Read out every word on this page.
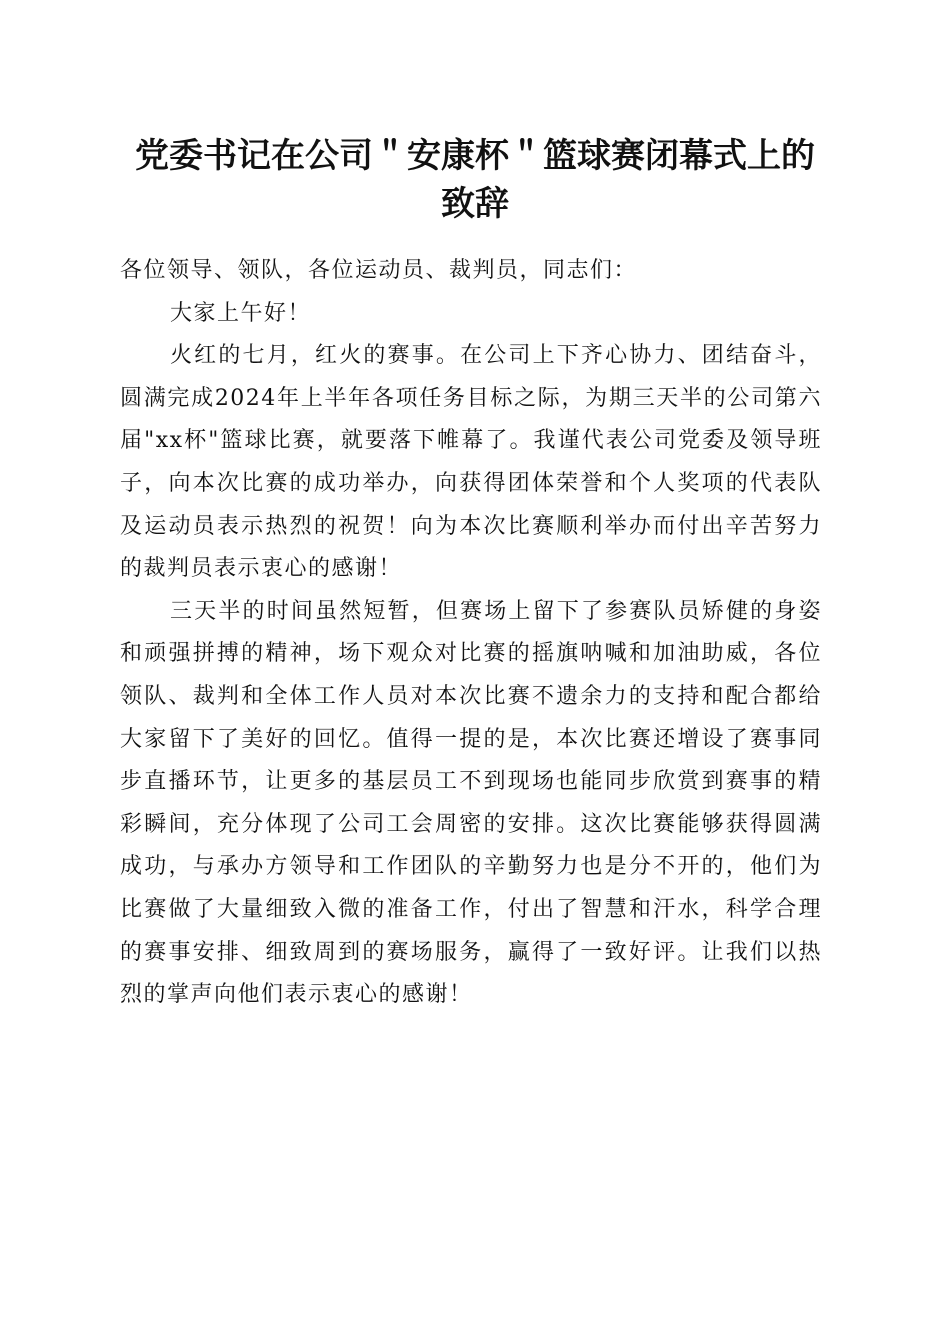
党委书记在公司＂安康杯＂篮球赛闭幕式上的
致辞

各位领导、领队，各位运动员、裁判员，同志们：

大家上午好！

火红的七月，红火的赛事。在公司上下齐心协力、团结奋斗，圆满完成2024年上半年各项任务目标之际，为期三天半的公司第六届"xx杯"篮球比赛，就要落下帷幕了。我谨代表公司党委及领导班子，向本次比赛的成功举办，向获得团体荣誉和个人奖项的代表队及运动员表示热烈的祝贺！向为本次比赛顺利举办而付出辛苦努力的裁判员表示衷心的感谢！

三天半的时间虽然短暂，但赛场上留下了参赛队员矫健的身姿和顽强拼搏的精神，场下观众对比赛的摇旗呐喊和加油助威，各位领队、裁判和全体工作人员对本次比赛不遗余力的支持和配合都给大家留下了美好的回忆。值得一提的是，本次比赛还增设了赛事同步直播环节，让更多的基层员工不到现场也能同步欣赏到赛事的精彩瞬间，充分体现了公司工会周密的安排。这次比赛能够获得圆满成功，与承办方领导和工作团队的辛勤努力也是分不开的，他们为比赛做了大量细致入微的准备工作，付出了智慧和汗水，科学合理的赛事安排、细致周到的赛场服务，赢得了一致好评。让我们以热烈的掌声向他们表示衷心的感谢！
